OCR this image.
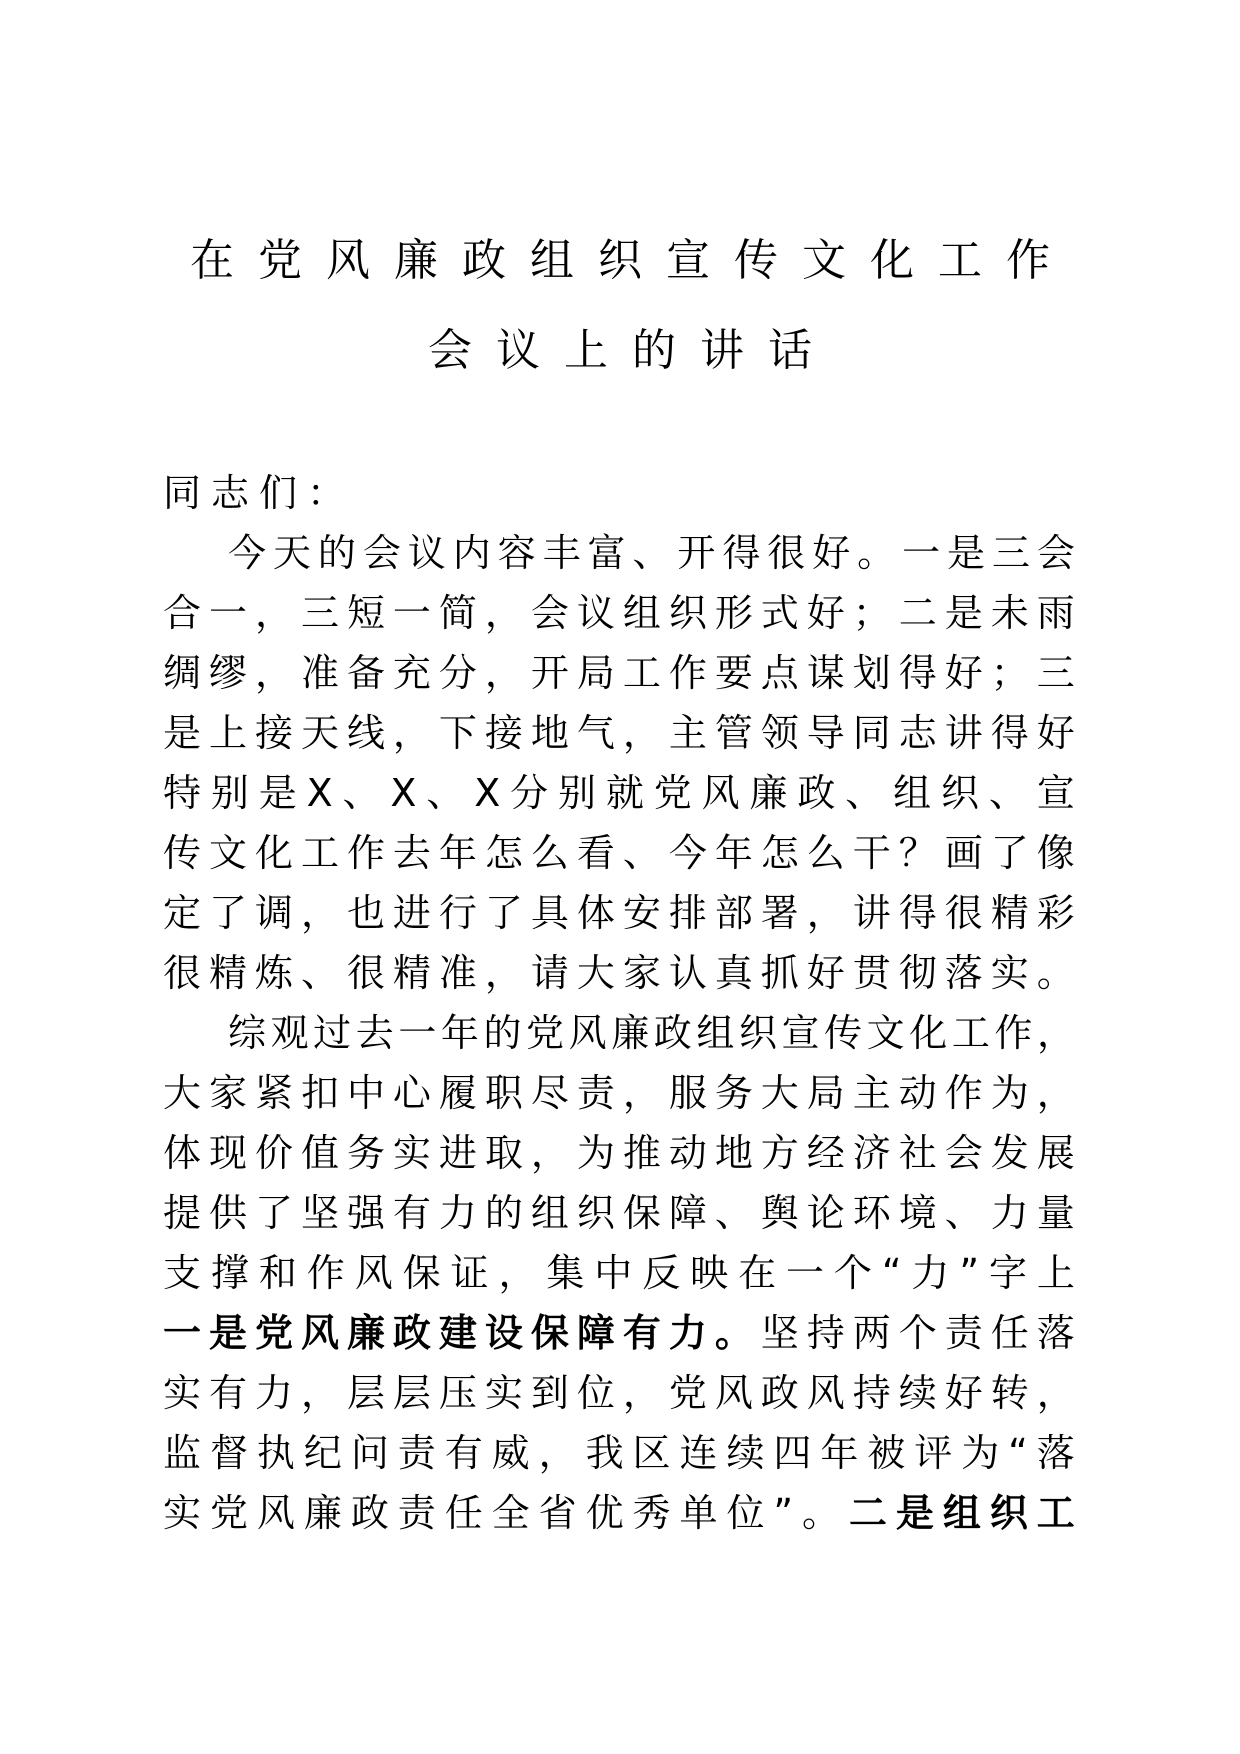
在 党 风 廉 政 组 织 宣 传 文 化 工 作
会 议 上 的 讲 话
同 志 们 ：
今 天 的 会 议 内 容 丰 富 、 开 得 很 好 。 一 是 三 会
合 一 ， 三 短 一 简 ， 会 议 组 织 形 式 好 ； 二 是 未 雨
绸 缪 ， 准 备 充 分 ， 开 局 工 作 要 点 谋 划 得 好 ； 三
是 上 接 天 线 ， 下 接 地 气 ， 主 管 领 导 同 志 讲 得 好
特 别 是 X 、 X 、 X 分 别 就 党 风 廉 政 、 组 织 、 宣
传 文 化 工 作 去 年 怎 么 看 、 今 年 怎 么 干 ？ 画 了 像
定 了 调 ， 也 进 行 了 具 体 安 排 部 署 ， 讲 得 很 精 彩
很 精 炼 、 很 精 准 ， 请 大 家 认 真 抓 好 贯 彻 落 实 。
综 观 过 去 一 年 的 党 风 廉 政 组 织 宣 传 文 化 工 作 ，
大 家 紧 扣 中 心 履 职 尽 责 ， 服 务 大 局 主 动 作 为 ，
体 现 价 值 务 实 进 取 ， 为 推 动 地 方 经 济 社 会 发 展
提 供 了 坚 强 有 力 的 组 织 保 障 、 舆 论 环 境 、 力 量
支 撑 和 作 风 保 证 ， 集 中 反 映 在 一 个 “ 力 ” 字 上
一 是 党 风 廉 政 建 设 保 障 有 力 。 坚 持 两 个 责 任 落
实 有 力 ， 层 层 压 实 到 位 ， 党 风 政 风 持 续 好 转 ，
监 督 执 纪 问 责 有 威 ， 我 区 连 续 四 年 被 评 为 “ 落
实 党 风 廉 政 责 任 全 省 优 秀 单 位 ” 。 二 是 组 织 工
